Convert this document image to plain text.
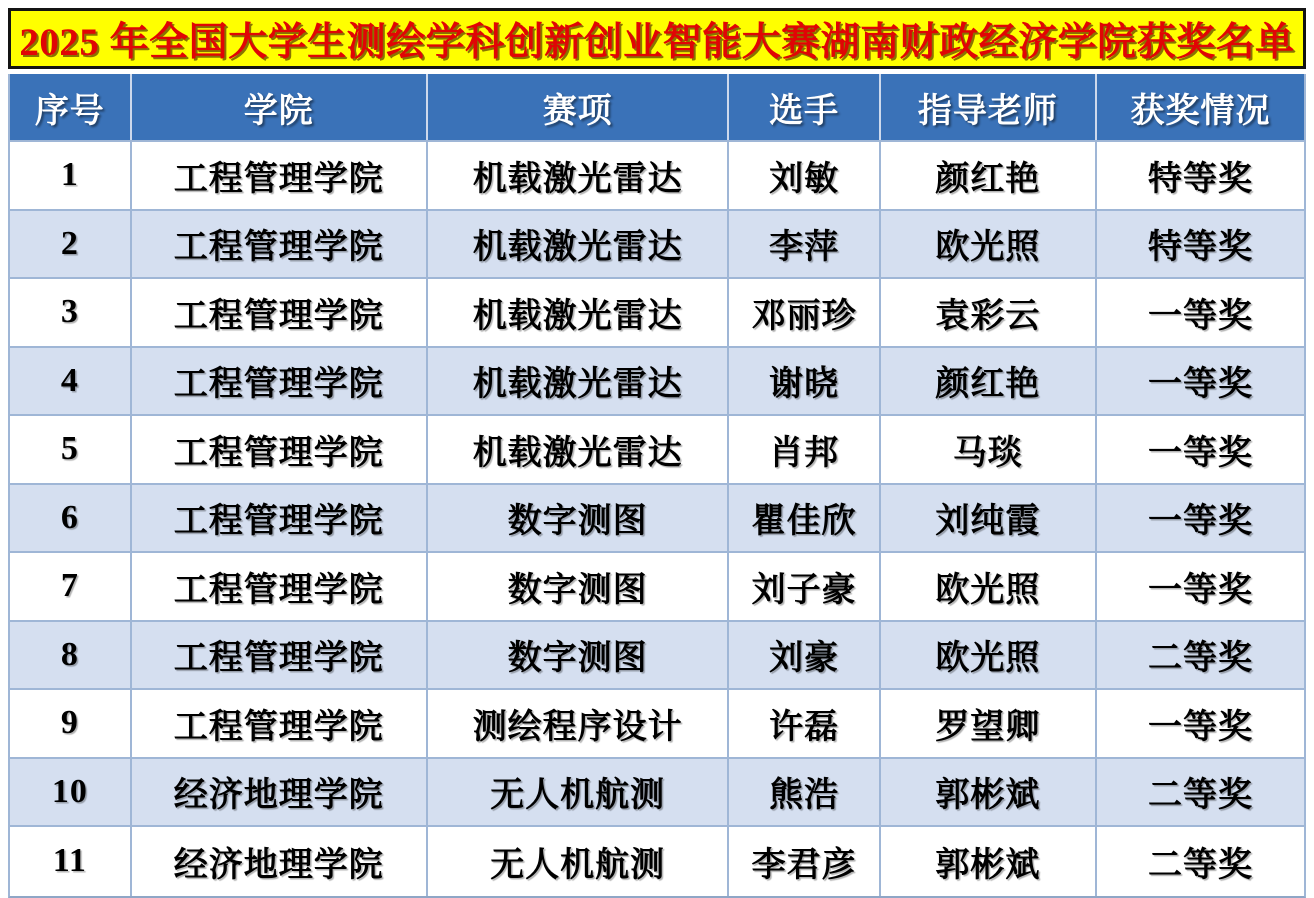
2025 年全国大学生测绘学科创新创业智能大赛湖南财政经济学院获奖名单
序号	学院	赛项	选手	指导老师	获奖情况
1	工程管理学院	机载激光雷达	刘敏	颜红艳	特等奖
2	工程管理学院	机载激光雷达	李萍	欧光照	特等奖
3	工程管理学院	机载激光雷达	邓丽珍	袁彩云	一等奖
4	工程管理学院	机载激光雷达	谢晓	颜红艳	一等奖
5	工程管理学院	机载激光雷达	肖邦	马琰	一等奖
6	工程管理学院	数字测图	瞿佳欣	刘纯霞	一等奖
7	工程管理学院	数字测图	刘子豪	欧光照	一等奖
8	工程管理学院	数字测图	刘豪	欧光照	二等奖
9	工程管理学院	测绘程序设计	许磊	罗望卿	一等奖
10	经济地理学院	无人机航测	熊浩	郭彬斌	二等奖
11	经济地理学院	无人机航测	李君彦	郭彬斌	二等奖
